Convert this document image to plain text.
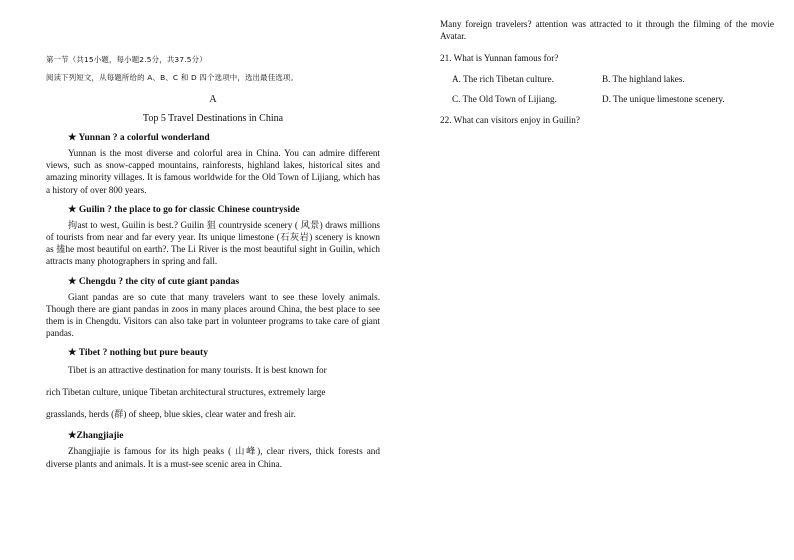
第一节（共15小题，每小题2.5分，共37.5分）
阅读下列短文，从每题所给的 A、B、C 和 D 四个选项中，选出最佳选项。
A
Top 5 Travel Destinations in China
★ Yunnan ? a colorful wonderland
Yunnan is the most diverse and colorful area in China. You can admire different views, such as snow-capped mountains, rainforests, highland lakes, historical sites and amazing minority villages. It is famous worldwide for the Old Town of Lijiang, which has a history of over 800 years.
★ Guilin ? the place to go for classic Chinese countryside
拘ast to west, Guilin is best.? Guilin 狙 countryside scenery ( 风景) draws millions of tourists from near and far every year. Its unique limestone (石灰岩) scenery is known as 搕he most beautiful on earth?. The Li River is the most beautiful sight in Guilin, which attracts many photographers in spring and fall.
★ Chengdu ? the city of cute giant pandas
Giant pandas are so cute that many travelers want to see these lovely animals. Though there are giant pandas in zoos in many places around China, the best place to see them is in Chengdu. Visitors can also take part in volunteer programs to take care of giant pandas.
★ Tibet ? nothing but pure beauty
Tibet is an attractive destination for many tourists. It is best known for
rich Tibetan culture, unique Tibetan architectural structures, extremely large
grasslands, herds (群) of sheep, blue skies, clear water and fresh air.
★Zhangjiajie
Zhangjiajie is famous for its high peaks ( 山峰), clear rivers, thick forests and diverse plants and animals. It is a must-see scenic area in China.
Many foreign travelers? attention was attracted to it through the filming of the movie Avatar.
21. What is Yunnan famous for?
A. The rich Tibetan culture.	B. The highland lakes.
C. The Old Town of Lijiang.	D. The unique limestone scenery.
22. What can visitors enjoy in Guilin?
